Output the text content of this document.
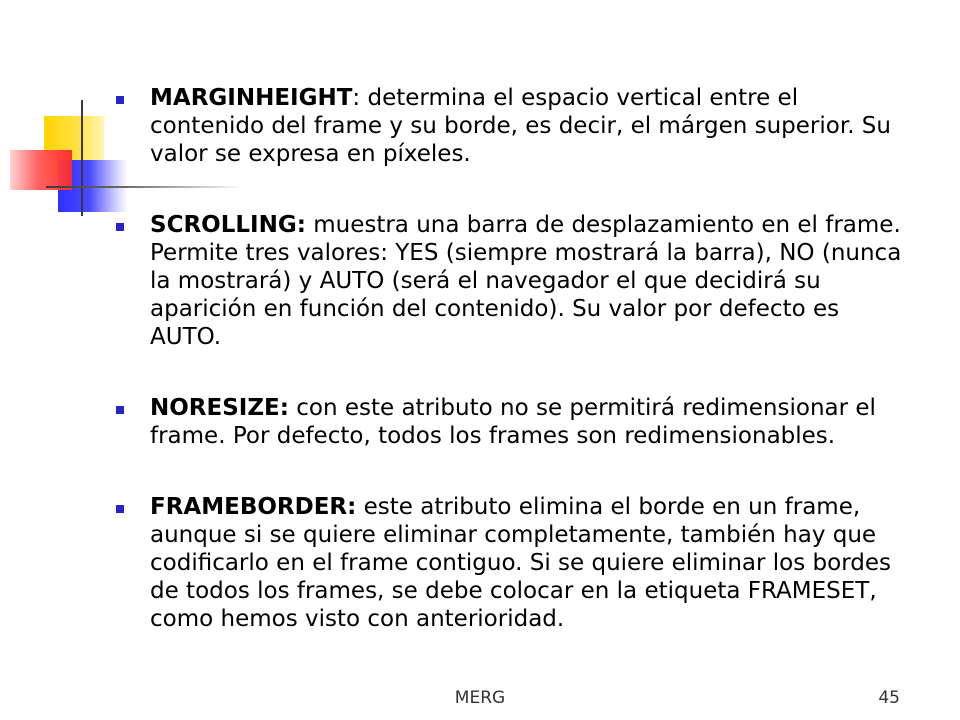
MARGINHEIGHT: determina el espacio vertical entre el contenido del frame y su borde, es decir, el márgen superior. Su valor se expresa en píxeles.
SCROLLING: muestra una barra de desplazamiento en el frame. Permite tres valores: YES (siempre mostrará la barra), NO (nunca la mostrará) y AUTO (será el navegador el que decidirá su aparición en función del contenido). Su valor por defecto es AUTO.
NORESIZE: con este atributo no se permitirá redimensionar el frame. Por defecto, todos los frames son redimensionables.
FRAMEBORDER: este atributo elimina el borde en un frame, aunque si se quiere eliminar completamente, también hay que codificarlo en el frame contiguo. Si se quiere eliminar los bordes de todos los frames, se debe colocar en la etiqueta FRAMESET, como hemos visto con anterioridad.
MERG	45
